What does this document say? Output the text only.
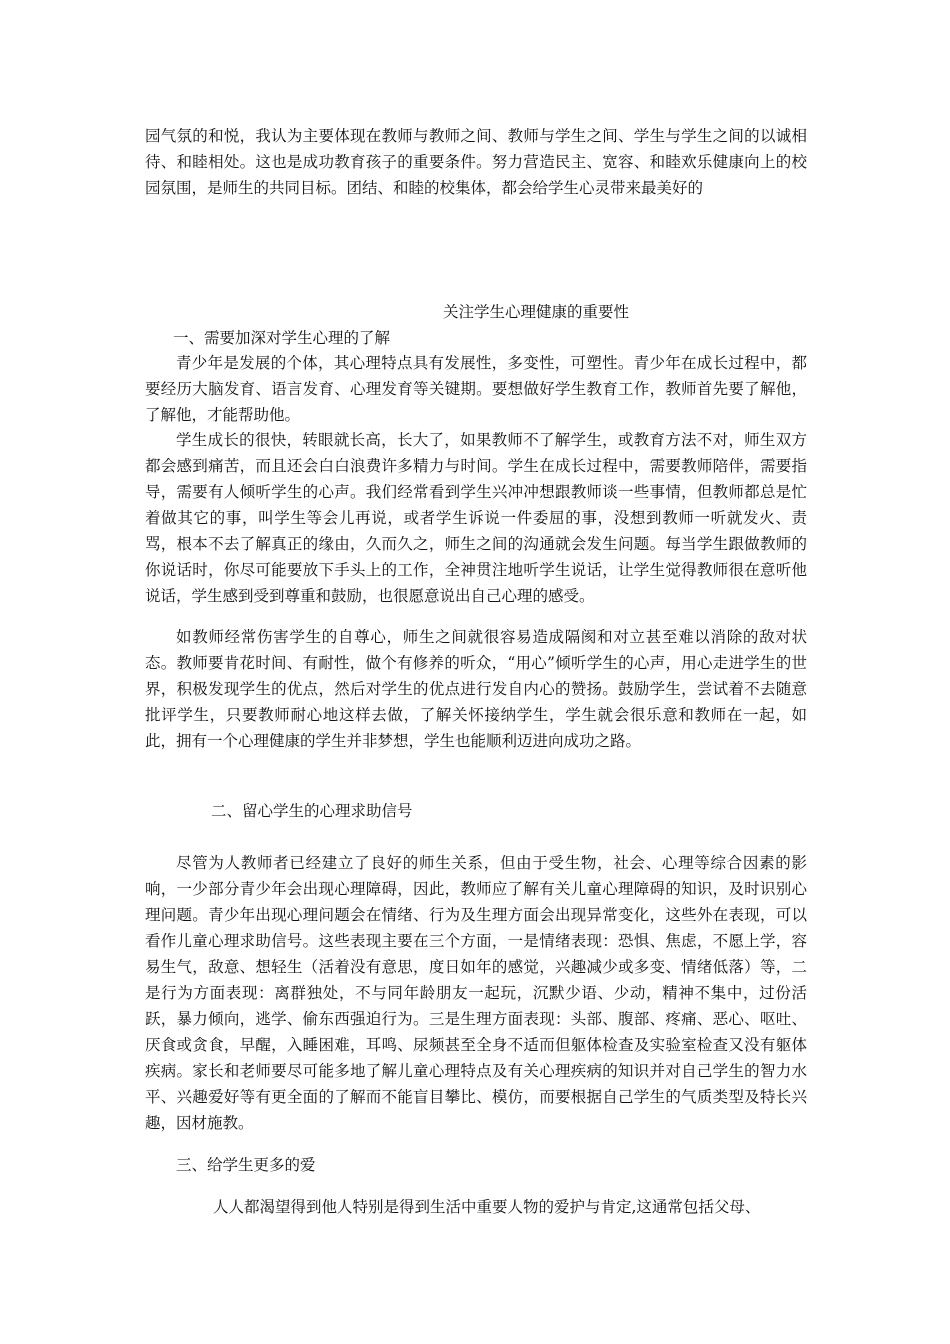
园气氛的和悦，我认为主要体现在教师与教师之间、教师与学生之间、学生与学生之间的以诚相待、和睦相处。这也是成功教育孩子的重要条件。努力营造民主、宽容、和睦欢乐健康向上的校园氛围，是师生的共同目标。团结、和睦的校集体，都会给学生心灵带来最美好的

关注学生心理健康的重要性

一、需要加深对学生心理的了解

青少年是发展的个体，其心理特点具有发展性，多变性，可塑性。青少年在成长过程中，都要经历大脑发育、语言发育、心理发育等关键期。要想做好学生教育工作，教师首先要了解他，了解他，才能帮助他。

学生成长的很快，转眼就长高，长大了，如果教师不了解学生，或教育方法不对，师生双方都会感到痛苦，而且还会白白浪费许多精力与时间。学生在成长过程中，需要教师陪伴，需要指导，需要有人倾听学生的心声。我们经常看到学生兴冲冲想跟教师谈一些事情，但教师都总是忙着做其它的事，叫学生等会儿再说，或者学生诉说一件委屈的事，没想到教师一听就发火、责骂，根本不去了解真正的缘由，久而久之，师生之间的沟通就会发生问题。每当学生跟做教师的你说话时，你尽可能要放下手头上的工作，全神贯注地听学生说话，让学生觉得教师很在意听他说话，学生感到受到尊重和鼓励，也很愿意说出自己心理的感受。

如教师经常伤害学生的自尊心，师生之间就很容易造成隔阂和对立甚至难以消除的敌对状态。教师要肯花时间、有耐性，做个有修养的听众，“用心”倾听学生的心声，用心走进学生的世界，积极发现学生的优点，然后对学生的优点进行发自内心的赞扬。鼓励学生，尝试着不去随意批评学生，只要教师耐心地这样去做，了解关怀接纳学生，学生就会很乐意和教师在一起，如此，拥有一个心理健康的学生并非梦想，学生也能顺利迈进向成功之路。

二、留心学生的心理求助信号

尽管为人教师者已经建立了良好的师生关系，但由于受生物，社会、心理等综合因素的影响，一少部分青少年会出现心理障碍，因此，教师应了解有关儿童心理障碍的知识，及时识别心理问题。青少年出现心理问题会在情绪、行为及生理方面会出现异常变化，这些外在表现，可以看作儿童心理求助信号。这些表现主要在三个方面，一是情绪表现：恐惧、焦虑，不愿上学，容易生气，敌意、想轻生（活着没有意思，度日如年的感觉，兴趣减少或多变、情绪低落）等，二是行为方面表现：离群独处，不与同年龄朋友一起玩，沉默少语、少动，精神不集中，过份活跃，暴力倾向，逃学、偷东西强迫行为。三是生理方面表现：头部、腹部、疼痛、恶心、呕吐、厌食或贪食，早醒，入睡困难，耳鸣、尿频甚至全身不适而但躯体检查及实验室检查又没有躯体疾病。家长和老师要尽可能多地了解儿童心理特点及有关心理疾病的知识并对自己学生的智力水平、兴趣爱好等有更全面的了解而不能盲目攀比、模仿，而要根据自己学生的气质类型及特长兴趣，因材施教。

三、给学生更多的爱

人人都渴望得到他人特别是得到生活中重要人物的爱护与肯定,这通常包括父母、
